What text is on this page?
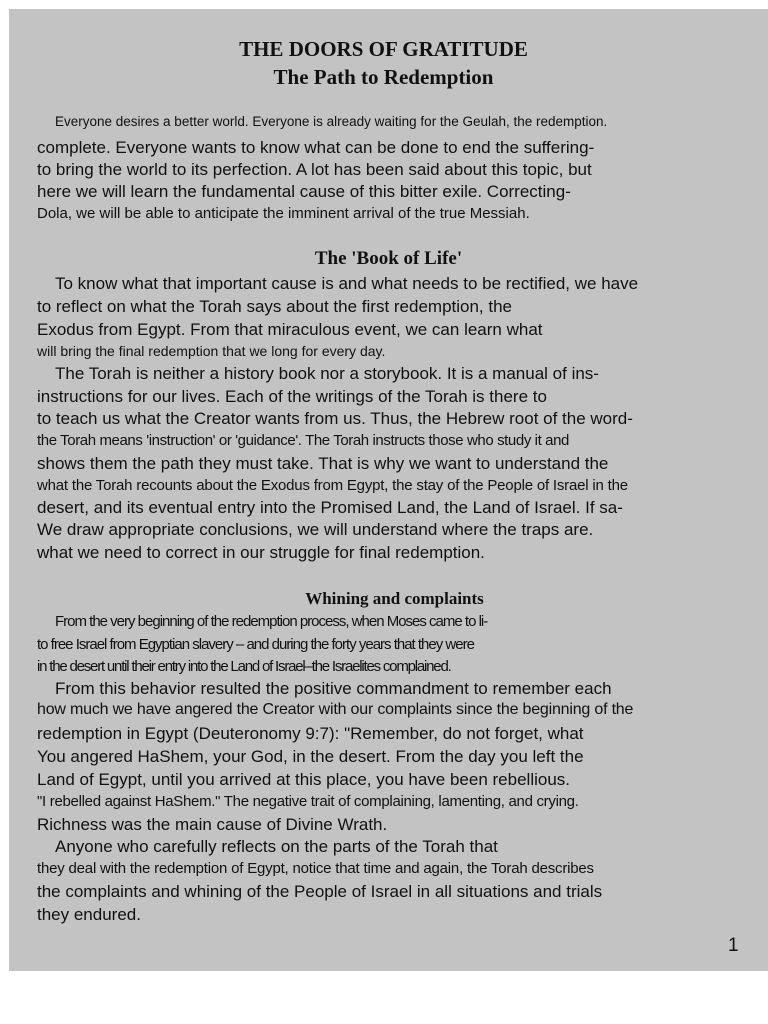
THE DOORS OF GRATITUDE
The Path to Redemption
Everyone desires a better world. Everyone is already waiting for the Geulah, the redemption.
complete. Everyone wants to know what can be done to end the suffering-
to bring the world to its perfection. A lot has been said about this topic, but
here we will learn the fundamental cause of this bitter exile. Correcting-
Dola, we will be able to anticipate the imminent arrival of the true Messiah.
The 'Book of Life'
To know what that important cause is and what needs to be rectified, we have
to reflect on what the Torah says about the first redemption, the
Exodus from Egypt. From that miraculous event, we can learn what
will bring the final redemption that we long for every day.
The Torah is neither a history book nor a storybook. It is a manual of ins-
instructions for our lives. Each of the writings of the Torah is there to
to teach us what the Creator wants from us. Thus, the Hebrew root of the word-
the Torah means 'instruction' or 'guidance'. The Torah instructs those who study it and
shows them the path they must take. That is why we want to understand the
what the Torah recounts about the Exodus from Egypt, the stay of the People of Israel in the
desert, and its eventual entry into the Promised Land, the Land of Israel. If sa-
We draw appropriate conclusions, we will understand where the traps are.
what we need to correct in our struggle for final redemption.
Whining and complaints
From the very beginning of the redemption process, when Moses came to li-
to free Israel from Egyptian slavery – and during the forty years that they were
in the desert until their entry into the Land of Israel–the Israelites complained.
From this behavior resulted the positive commandment to remember each
how much we have angered the Creator with our complaints since the beginning of the
redemption in Egypt (Deuteronomy 9:7): "Remember, do not forget, what
You angered HaShem, your God, in the desert. From the day you left the
Land of Egypt, until you arrived at this place, you have been rebellious.
"I rebelled against HaShem." The negative trait of complaining, lamenting, and crying.
Richness was the main cause of Divine Wrath.
Anyone who carefully reflects on the parts of the Torah that
they deal with the redemption of Egypt, notice that time and again, the Torah describes
the complaints and whining of the People of Israel in all situations and trials
they endured.
1
